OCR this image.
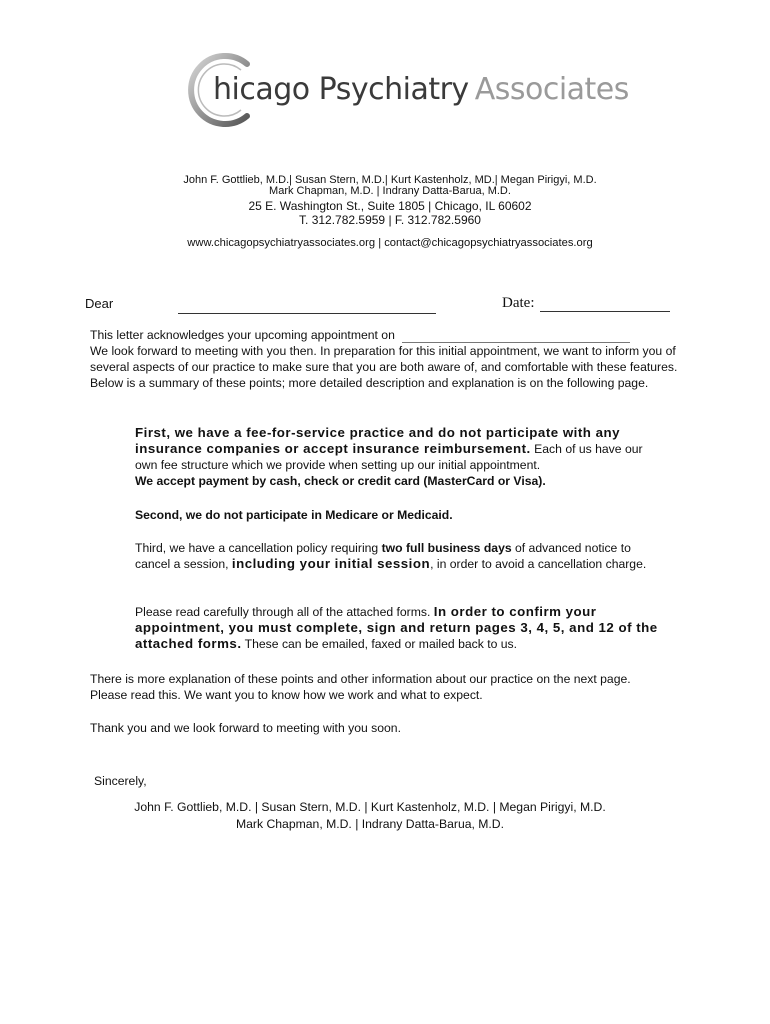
hicago Psychiatry Associates
John F. Gottlieb, M.D.| Susan Stern, M.D.| Kurt Kastenholz, MD.| Megan Pirigyi, M.D.
Mark Chapman, M.D. | Indrany Datta-Barua, M.D.
25 E. Washington St., Suite 1805 | Chicago, IL 60602
T. 312.782.5959 | F. 312.782.5960
www.chicagopsychiatryassociates.org | contact@chicagopsychiatryassociates.org
Dear	Date:
This letter acknowledges your upcoming appointment on
We look forward to meeting with you then. In preparation for this initial appointment, we want to inform you of several aspects of our practice to make sure that you are both aware of, and comfortable with these features. Below is a summary of these points; more detailed description and explanation is on the following page.
First, we have a fee-for-service practice and do not participate with any insurance companies or accept insurance reimbursement. Each of us have our own fee structure which we provide when setting up our initial appointment.
We accept payment by cash, check or credit card (MasterCard or Visa).
Second, we do not participate in Medicare or Medicaid.
Third, we have a cancellation policy requiring two full business days of advanced notice to cancel a session, including your initial session, in order to avoid a cancellation charge.
Please read carefully through all of the attached forms. In order to confirm your appointment, you must complete, sign and return pages 3, 4, 5, and 12 of the attached forms. These can be emailed, faxed or mailed back to us.
There is more explanation of these points and other information about our practice on the next page. Please read this. We want you to know how we work and what to expect.
Thank you and we look forward to meeting with you soon.
Sincerely,
John F. Gottlieb, M.D. | Susan Stern, M.D. | Kurt Kastenholz, M.D. | Megan Pirigyi, M.D.
Mark Chapman, M.D. | Indrany Datta-Barua, M.D.
